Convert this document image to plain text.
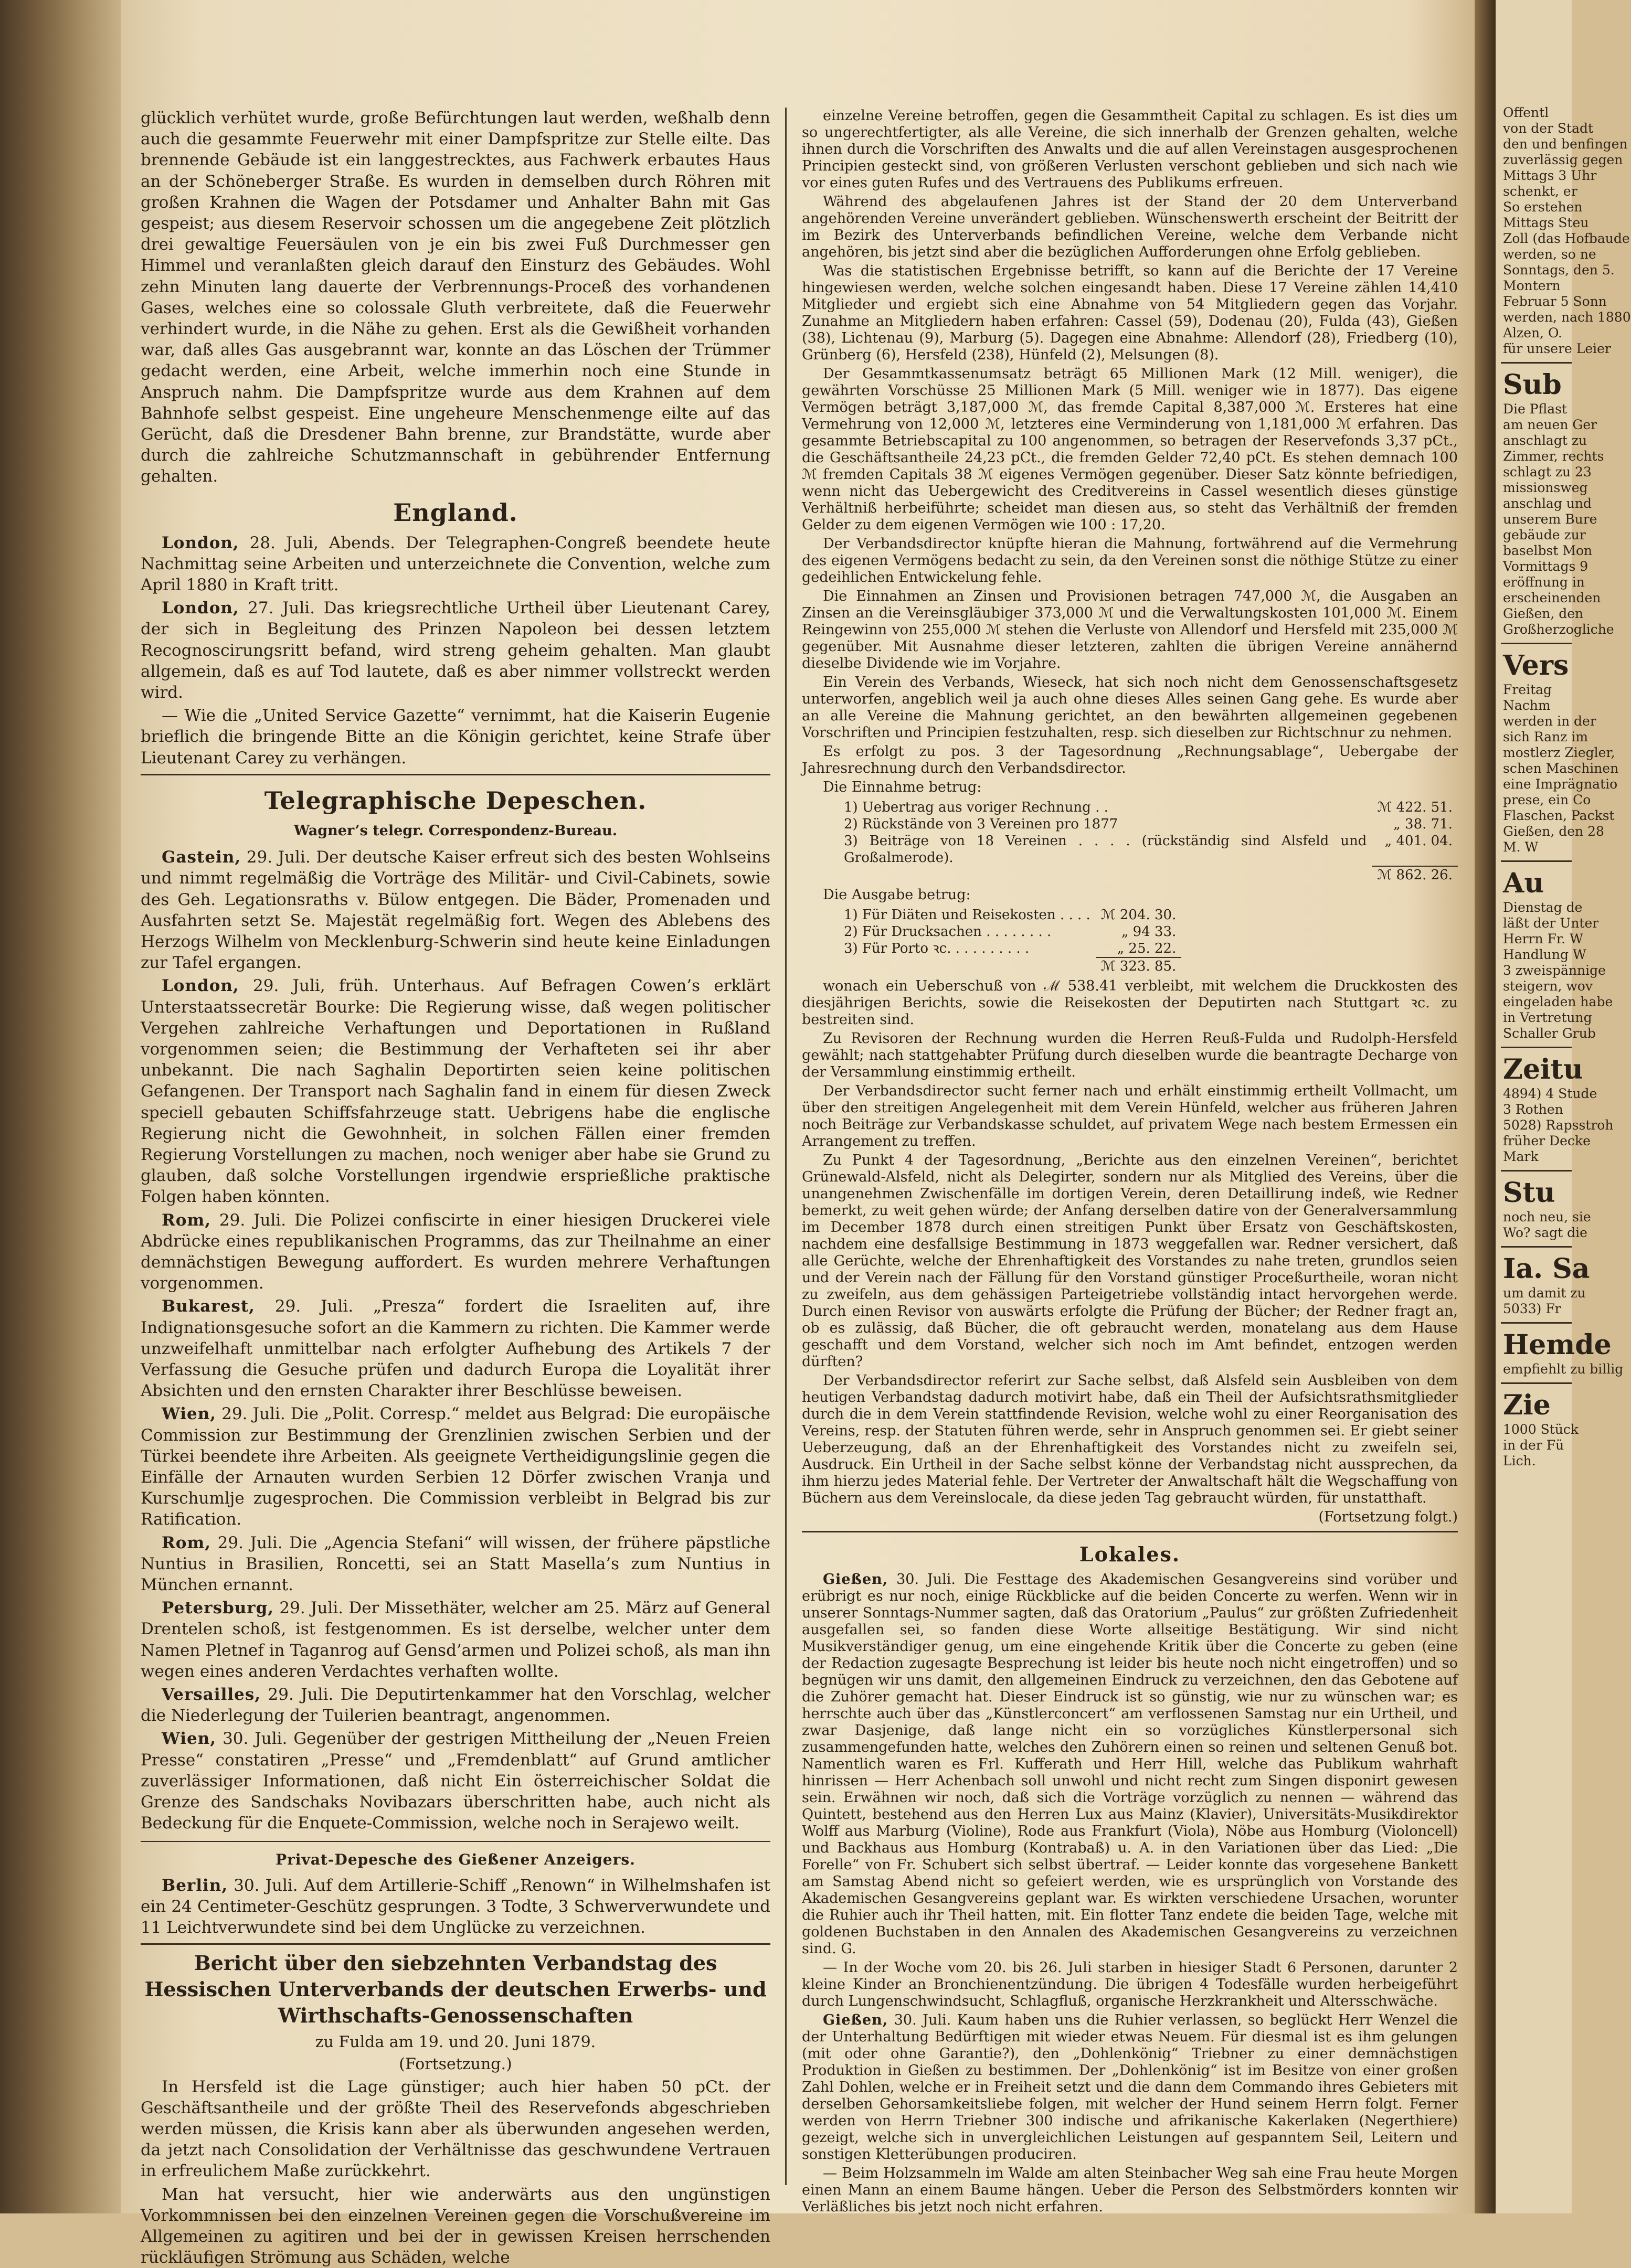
glücklich verhütet wurde, große Befürchtungen laut werden, weßhalb denn auch die gesammte Feuerwehr mit einer Dampfspritze zur Stelle eilte. Das brennende Gebäude ist ein langgestrecktes, aus Fachwerk erbautes Haus an der Schöneberger Straße. Es wurden in demselben durch Röhren mit großen Krahnen die Wagen der Potsdamer und Anhalter Bahn mit Gas gespeist; aus diesem Reservoir schossen um die angegebene Zeit plötzlich drei gewaltige Feuersäulen von je ein bis zwei Fuß Durchmesser gen Himmel und veranlaßten gleich darauf den Einsturz des Gebäudes. Wohl zehn Minuten lang dauerte der Verbrennungs-Proceß des vorhandenen Gases, welches eine so colossale Gluth verbreitete, daß die Feuerwehr verhindert wurde, in die Nähe zu gehen. Erst als die Gewißheit vorhanden war, daß alles Gas ausgebrannt war, konnte an das Löschen der Trümmer gedacht werden, eine Arbeit, welche immerhin noch eine Stunde in Anspruch nahm. Die Dampfspritze wurde aus dem Krahnen auf dem Bahnhofe selbst gespeist. Eine ungeheure Menschenmenge eilte auf das Gerücht, daß die Dresdener Bahn brenne, zur Brandstätte, wurde aber durch die zahlreiche Schutzmannschaft in gebührender Entfernung gehalten.

England.

London, 28. Juli, Abends. Der Telegraphen-Congreß beendete heute Nachmittag seine Arbeiten und unterzeichnete die Convention, welche zum April 1880 in Kraft tritt.

London, 27. Juli. Das kriegsrechtliche Urtheil über Lieutenant Carey, der sich in Begleitung des Prinzen Napoleon bei dessen letztem Recognoscirungsritt befand, wird streng geheim gehalten. Man glaubt allgemein, daß es auf Tod lautete, daß es aber nimmer vollstreckt werden wird.

— Wie die „United Service Gazette“ vernimmt, hat die Kaiserin Eugenie brieflich die bringende Bitte an die Königin gerichtet, keine Strafe über Lieutenant Carey zu verhängen.

Telegraphische Depeschen.
Wagner’s telegr. Correspondenz-Bureau.

Gastein, 29. Juli. Der deutsche Kaiser erfreut sich des besten Wohlseins und nimmt regelmäßig die Vorträge des Militär- und Civil-Cabinets, sowie des Geh. Legationsraths v. Bülow entgegen. Die Bäder, Promenaden und Ausfahrten setzt Se. Majestät regelmäßig fort. Wegen des Ablebens des Herzogs Wilhelm von Mecklenburg-Schwerin sind heute keine Einladungen zur Tafel ergangen.

London, 29. Juli, früh. Unterhaus. Auf Befragen Cowen’s erklärt Unterstaatssecretär Bourke: Die Regierung wisse, daß wegen politischer Vergehen zahlreiche Verhaftungen und Deportationen in Rußland vorgenommen seien; die Bestimmung der Verhafteten sei ihr aber unbekannt. Die nach Saghalin Deportirten seien keine politischen Gefangenen. Der Transport nach Saghalin fand in einem für diesen Zweck speciell gebauten Schiffsfahrzeuge statt. Uebrigens habe die englische Regierung nicht die Gewohnheit, in solchen Fällen einer fremden Regierung Vorstellungen zu machen, noch weniger aber habe sie Grund zu glauben, daß solche Vorstellungen irgendwie ersprießliche praktische Folgen haben könnten.

Rom, 29. Juli. Die Polizei confiscirte in einer hiesigen Druckerei viele Abdrücke eines republikanischen Programms, das zur Theilnahme an einer demnächstigen Bewegung auffordert. Es wurden mehrere Verhaftungen vorgenommen.

Bukarest, 29. Juli. „Presza“ fordert die Israeliten auf, ihre Indignationsgesuche sofort an die Kammern zu richten. Die Kammer werde unzweifelhaft unmittelbar nach erfolgter Aufhebung des Artikels 7 der Verfassung die Gesuche prüfen und dadurch Europa die Loyalität ihrer Absichten und den ernsten Charakter ihrer Beschlüsse beweisen.

Wien, 29. Juli. Die „Polit. Corresp.“ meldet aus Belgrad: Die europäische Commission zur Bestimmung der Grenzlinien zwischen Serbien und der Türkei beendete ihre Arbeiten. Als geeignete Vertheidigungslinie gegen die Einfälle der Arnauten wurden Serbien 12 Dörfer zwischen Vranja und Kurschumlje zugesprochen. Die Commission verbleibt in Belgrad bis zur Ratification.

Rom, 29. Juli. Die „Agencia Stefani“ will wissen, der frühere päpstliche Nuntius in Brasilien, Roncetti, sei an Statt Masella’s zum Nuntius in München ernannt.

Petersburg, 29. Juli. Der Missethäter, welcher am 25. März auf General Drentelen schoß, ist festgenommen. Es ist derselbe, welcher unter dem Namen Pletnef in Taganrog auf Gensd’armen und Polizei schoß, als man ihn wegen eines anderen Verdachtes verhaften wollte.

Versailles, 29. Juli. Die Deputirtenkammer hat den Vorschlag, welcher die Niederlegung der Tuilerien beantragt, angenommen.

Wien, 30. Juli. Gegenüber der gestrigen Mittheilung der „Neuen Freien Presse“ constatiren „Presse“ und „Fremdenblatt“ auf Grund amtlicher zuverlässiger Informationen, daß nicht Ein österreichischer Soldat die Grenze des Sandschaks Novibazars überschritten habe, auch nicht als Bedeckung für die Enquete-Commission, welche noch in Serajewo weilt.

Privat-Depesche des Gießener Anzeigers.

Berlin, 30. Juli. Auf dem Artillerie-Schiff „Renown“ in Wilhelmshafen ist ein 24 Centimeter-Geschütz gesprungen. 3 Todte, 3 Schwerverwundete und 11 Leichtverwundete sind bei dem Unglücke zu verzeichnen.

Bericht über den siebzehnten Verbandstag des Hessischen Unterverbands der deutschen Erwerbs- und Wirthschafts-Genossenschaften
zu Fulda am 19. und 20. Juni 1879.
(Fortsetzung.)

In Hersfeld ist die Lage günstiger; auch hier haben 50 pCt. der Geschäftsantheile und der größte Theil des Reservefonds abgeschrieben werden müssen, die Krisis kann aber als überwunden angesehen werden, da jetzt nach Consolidation der Verhältnisse das geschwundene Vertrauen in erfreulichem Maße zurückkehrt.

Man hat versucht, hier wie anderwärts aus den ungünstigen Vorkommnissen bei den einzelnen Vereinen gegen die Vorschußvereine im Allgemeinen zu agitiren und bei der in gewissen Kreisen herrschenden rückläufigen Strömung aus Schäden, welche

einzelne Vereine betroffen, gegen die Gesammtheit Capital zu schlagen. Es ist dies um so ungerechtfertigter, als alle Vereine, die sich innerhalb der Grenzen gehalten, welche ihnen durch die Vorschriften des Anwalts und die auf allen Vereinstagen ausgesprochenen Principien gesteckt sind, von größeren Verlusten verschont geblieben und sich nach wie vor eines guten Rufes und des Vertrauens des Publikums erfreuen.

Während des abgelaufenen Jahres ist der Stand der 20 dem Unterverband angehörenden Vereine unverändert geblieben. Wünschenswerth erscheint der Beitritt der im Bezirk des Unterverbands befindlichen Vereine, welche dem Verbande nicht angehören, bis jetzt sind aber die bezüglichen Aufforderungen ohne Erfolg geblieben.

Was die statistischen Ergebnisse betrifft, so kann auf die Berichte der 17 Vereine hingewiesen werden, welche solchen eingesandt haben. Diese 17 Vereine zählen 14,410 Mitglieder und ergiebt sich eine Abnahme von 54 Mitgliedern gegen das Vorjahr. Zunahme an Mitgliedern haben erfahren: Cassel (59), Dodenau (20), Fulda (43), Gießen (38), Lichtenau (9), Marburg (5). Dagegen eine Abnahme: Allendorf (28), Friedberg (10), Grünberg (6), Hersfeld (238), Hünfeld (2), Melsungen (8).

Der Gesammtkassenumsatz beträgt 65 Millionen Mark (12 Mill. weniger), die gewährten Vorschüsse 25 Millionen Mark (5 Mill. weniger wie in 1877). Das eigene Vermögen beträgt 3,187,000 ℳ, das fremde Capital 8,387,000 ℳ. Ersteres hat eine Vermehrung von 12,000 ℳ, letzteres eine Verminderung von 1,181,000 ℳ erfahren. Das gesammte Betriebscapital zu 100 angenommen, so betragen der Reservefonds 3,37 pCt., die Geschäftsantheile 24,23 pCt., die fremden Gelder 72,40 pCt. Es stehen demnach 100 ℳ fremden Capitals 38 ℳ eigenes Vermögen gegenüber. Dieser Satz könnte befriedigen, wenn nicht das Uebergewicht des Creditvereins in Cassel wesentlich dieses günstige Verhältniß herbeiführte; scheidet man diesen aus, so steht das Verhältniß der fremden Gelder zu dem eigenen Vermögen wie 100 : 17,20.

Der Verbandsdirector knüpfte hieran die Mahnung, fortwährend auf die Vermehrung des eigenen Vermögens bedacht zu sein, da den Vereinen sonst die nöthige Stütze zu einer gedeihlichen Entwickelung fehle.

Die Einnahmen an Zinsen und Provisionen betragen 747,000 ℳ, die Ausgaben an Zinsen an die Vereinsgläubiger 373,000 ℳ und die Verwaltungskosten 101,000 ℳ. Einem Reingewinn von 255,000 ℳ stehen die Verluste von Allendorf und Hersfeld mit 235,000 ℳ gegenüber. Mit Ausnahme dieser letzteren, zahlten die übrigen Vereine annähernd dieselbe Dividende wie im Vorjahre.

Ein Verein des Verbands, Wieseck, hat sich noch nicht dem Genossenschaftsgesetz unterworfen, angeblich weil ja auch ohne dieses Alles seinen Gang gehe. Es wurde aber an alle Vereine die Mahnung gerichtet, an den bewährten allgemeinen gegebenen Vorschriften und Principien festzuhalten, resp. sich dieselben zur Richtschnur zu nehmen.

Es erfolgt zu pos. 3 der Tagesordnung „Rechnungsablage“, Uebergabe der Jahresrechnung durch den Verbandsdirector.

Die Einnahme betrug:

1) Uebertrag aus voriger Rechnung . .	ℳ 422. 51.
2) Rückstände von 3 Vereinen pro 1877	„ 38. 71.
3) Beiträge von 18 Vereinen . . . . (rückständig sind Alsfeld und Großalmerode).	„ 401. 04.
	ℳ 862. 26.

Die Ausgabe betrug:

1) Für Diäten und Reisekosten . . . .	ℳ 204. 30.
2) Für Drucksachen . . . . . . . .	„ 94 33.
3) Für Porto ꝛc. . . . . . . . . .	„ 25. 22.
	ℳ 323. 85.

wonach ein Ueberschuß von ℳ 538.41 verbleibt, mit welchem die Druckkosten des diesjährigen Berichts, sowie die Reisekosten der Deputirten nach Stuttgart ꝛc. zu bestreiten sind.

Zu Revisoren der Rechnung wurden die Herren Reuß-Fulda und Rudolph-Hersfeld gewählt; nach stattgehabter Prüfung durch dieselben wurde die beantragte Decharge von der Versammlung einstimmig ertheilt.

Der Verbandsdirector sucht ferner nach und erhält einstimmig ertheilt Vollmacht, um über den streitigen Angelegenheit mit dem Verein Hünfeld, welcher aus früheren Jahren noch Beiträge zur Verbandskasse schuldet, auf privatem Wege nach bestem Ermessen ein Arrangement zu treffen.

Zu Punkt 4 der Tagesordnung, „Berichte aus den einzelnen Vereinen“, berichtet Grünewald-Alsfeld, nicht als Delegirter, sondern nur als Mitglied des Vereins, über die unangenehmen Zwischenfälle im dortigen Verein, deren Detaillirung indeß, wie Redner bemerkt, zu weit gehen würde; der Anfang derselben datire von der Generalversammlung im December 1878 durch einen streitigen Punkt über Ersatz von Geschäftskosten, nachdem eine desfallsige Bestimmung in 1873 weggefallen war. Redner versichert, daß alle Gerüchte, welche der Ehrenhaftigkeit des Vorstandes zu nahe treten, grundlos seien und der Verein nach der Fällung für den Vorstand günstiger Proceßurtheile, woran nicht zu zweifeln, aus dem gehässigen Parteigetriebe vollständig intact hervorgehen werde. Durch einen Revisor von auswärts erfolgte die Prüfung der Bücher; der Redner fragt an, ob es zulässig, daß Bücher, die oft gebraucht werden, monatelang aus dem Hause geschafft und dem Vorstand, welcher sich noch im Amt befindet, entzogen werden dürften?

Der Verbandsdirector referirt zur Sache selbst, daß Alsfeld sein Ausbleiben von dem heutigen Verbandstag dadurch motivirt habe, daß ein Theil der Aufsichtsrathsmitglieder durch die in dem Verein stattfindende Revision, welche wohl zu einer Reorganisation des Vereins, resp. der Statuten führen werde, sehr in Anspruch genommen sei. Er giebt seiner Ueberzeugung, daß an der Ehrenhaftigkeit des Vorstandes nicht zu zweifeln sei, Ausdruck. Ein Urtheil in der Sache selbst könne der Verbandstag nicht aussprechen, da ihm hierzu jedes Material fehle. Der Vertreter der Anwaltschaft hält die Wegschaffung von Büchern aus dem Vereinslocale, da diese jeden Tag gebraucht würden, für unstatthaft.

(Fortsetzung folgt.)

Lokales.

Gießen, 30. Juli. Die Festtage des Akademischen Gesangvereins sind vorüber und erübrigt es nur noch, einige Rückblicke auf die beiden Concerte zu werfen. Wenn wir in unserer Sonntags-Nummer sagten, daß das Oratorium „Paulus“ zur größten Zufriedenheit ausgefallen sei, so fanden diese Worte allseitige Bestätigung. Wir sind nicht Musikverständiger genug, um eine eingehende Kritik über die Concerte zu geben (eine der Redaction zugesagte Besprechung ist leider bis heute noch nicht eingetroffen) und so begnügen wir uns damit, den allgemeinen Eindruck zu verzeichnen, den das Gebotene auf die Zuhörer gemacht hat. Dieser Eindruck ist so günstig, wie nur zu wünschen war; es herrschte auch über das „Künstlerconcert“ am verflossenen Samstag nur ein Urtheil, und zwar Dasjenige, daß lange nicht ein so vorzügliches Künstlerpersonal sich zusammengefunden hatte, welches den Zuhörern einen so reinen und seltenen Genuß bot. Namentlich waren es Frl. Kufferath und Herr Hill, welche das Publikum wahrhaft hinrissen — Herr Achenbach soll unwohl und nicht recht zum Singen disponirt gewesen sein. Erwähnen wir noch, daß sich die Vorträge vorzüglich zu nennen — während das Quintett, bestehend aus den Herren Lux aus Mainz (Klavier), Universitäts-Musikdirektor Wolff aus Marburg (Violine), Rode aus Frankfurt (Viola), Nöbe aus Homburg (Violoncell) und Backhaus aus Homburg (Kontrabaß) u. A. in den Variationen über das Lied: „Die Forelle“ von Fr. Schubert sich selbst übertraf. — Leider konnte das vorgesehene Bankett am Samstag Abend nicht so gefeiert werden, wie es ursprünglich von Vorstande des Akademischen Gesangvereins geplant war. Es wirkten verschiedene Ursachen, worunter die Ruhier auch ihr Theil hatten, mit. Ein flotter Tanz endete die beiden Tage, welche mit goldenen Buchstaben in den Annalen des Akademischen Gesangvereins zu verzeichnen sind. G.

— In der Woche vom 20. bis 26. Juli starben in hiesiger Stadt 6 Personen, darunter 2 kleine Kinder an Bronchienentzündung. Die übrigen 4 Todesfälle wurden herbeigeführt durch Lungenschwindsucht, Schlagfluß, organische Herzkrankheit und Altersschwäche.

Gießen, 30. Juli. Kaum haben uns die Ruhier verlassen, so beglückt Herr Wenzel die der Unterhaltung Bedürftigen mit wieder etwas Neuem. Für diesmal ist es ihm gelungen (mit oder ohne Garantie?), den „Dohlenkönig“ Triebner zu einer demnächstigen Produktion in Gießen zu bestimmen. Der „Dohlenkönig“ ist im Besitze von einer großen Zahl Dohlen, welche er in Freiheit setzt und die dann dem Commando ihres Gebieters mit derselben Gehorsamkeitsliebe folgen, mit welcher der Hund seinem Herrn folgt. Ferner werden von Herrn Triebner 300 indische und afrikanische Kakerlaken (Negerthiere) gezeigt, welche sich in unvergleichlichen Leistungen auf gespanntem Seil, Leitern und sonstigen Kletterübungen produciren.

— Beim Holzsammeln im Walde am alten Steinbacher Weg sah eine Frau heute Morgen einen Mann an einem Baume hängen. Ueber die Person des Selbstmörders konnten wir Verläßliches bis jetzt noch nicht erfahren.

Offentl
von der Stadt
den und benfingen
zuverlässig gegen
Mittags 3 Uhr
schenkt, er
So erstehen
Mittags Steu
Zoll (das Hofbaude
werden, so ne
Sonntags, den 5.
Montern
Februar 5 Sonn
werden, nach 1880
Alzen, O.
für unsere Leier
Sub
Die Pflast
am neuen Ger
anschlagt zu
Zimmer, rechts
schlagt zu 23
missionsweg
anschlag und
unserem Bure
gebäude zur
baselbst Mon
Vormittags 9
eröffnung in
erscheinenden
Gießen, den
Großherzogliche
Vers
Freitag
Nachm
werden in der
sich Ranz im
mostlerz Ziegler,
schen Maschinen
eine Imprägnatio
prese, ein Co
Flaschen, Packst
Gießen, den 28
M. W
Au
Dienstag de
läßt der Unter
Herrn Fr. W
Handlung W
3 zweispännige
steigern, wov
eingeladen habe
in Vertretung
Schaller Grub
Zeitu
4894) 4 Stude
3 Rothen
5028) Rapsstroh
früher Decke
Mark
Stu
noch neu, sie
Wo? sagt die
Ia. Sa
um damit zu
5033) Fr
Hemde
empfiehlt zu billig
Zie
1000 Stück
in der Fü
Lich.
